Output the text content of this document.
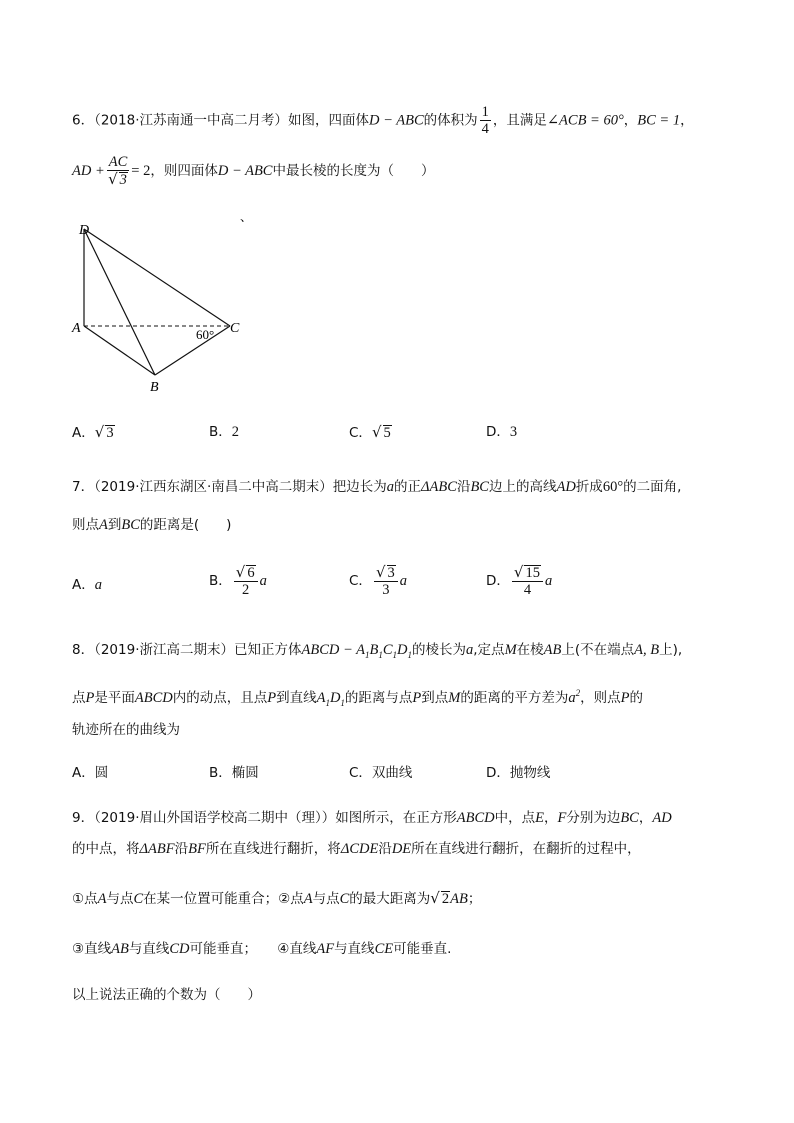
6．（2018·江苏南通一中高二月考）如图，四面体D − ABC的体积为 $\frac{1}{4}$ ，且满足∠ACB = 60°，BC = 1，
AD + $\frac{AC}{√ 3} = 2$，则四面体D − ABC中最长棱的长度为（　　）
D
A
B
C
60°
、
A．√ 3	B．2	C．√ 5	D．3
7．（2019·江西东湖区·南昌二中高二期末）把边长为a的正ΔABC沿BC边上的高线AD折成60°的二面角,
则点A到BC的距离是(　　)
A．a	B． $\frac{√ 6}{2}$ a	C． $\frac{√ 3}{3}$ a	D． $\frac{√ 15}{4}$ a
8．（2019·浙江高二期末）已知正方体ABCD − $A_1B_1C_1D_1$的棱长为a,定点M在棱AB上(不在端点A, B上),
点P是平面ABCD内的动点，且点P到直线$A_1D_1$的距离与点P到点M的距离的平方差为$a^2$，则点P的
轨迹所在的曲线为
A．圆	B．椭圆	C．双曲线	D．抛物线
9．（2019·眉山外国语学校高二期中（理））如图所示，在正方形ABCD中，点E，F分别为边BC，AD
的中点，将ΔABF沿BF所在直线进行翻折，将ΔCDE沿DE所在直线进行翻折，在翻折的过程中，
①点A与点C在某一位置可能重合；②点A与点C的最大距离为√ 2AB；
③直线AB与直线CD可能垂直；　　④直线AF与直线CE可能垂直.
以上说法正确的个数为（　　）
